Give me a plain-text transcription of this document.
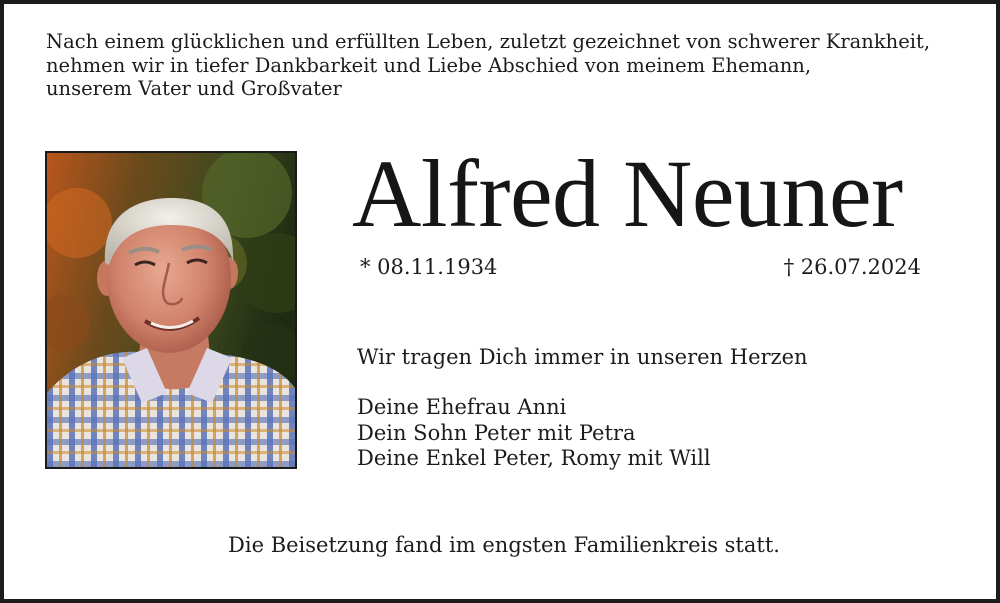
Nach einem glücklichen und erfüllten Leben, zuletzt gezeichnet von schwerer Krankheit,
nehmen wir in tiefer Dankbarkeit und Liebe Abschied von meinem Ehemann,
unserem Vater und Großvater
Alfred Neuner
* 08.11.1934	† 26.07.2024
Wir tragen Dich immer in unseren Herzen
Deine Ehefrau Anni
Dein Sohn Peter mit Petra
Deine Enkel Peter, Romy mit Will
Die Beisetzung fand im engsten Familienkreis statt.
